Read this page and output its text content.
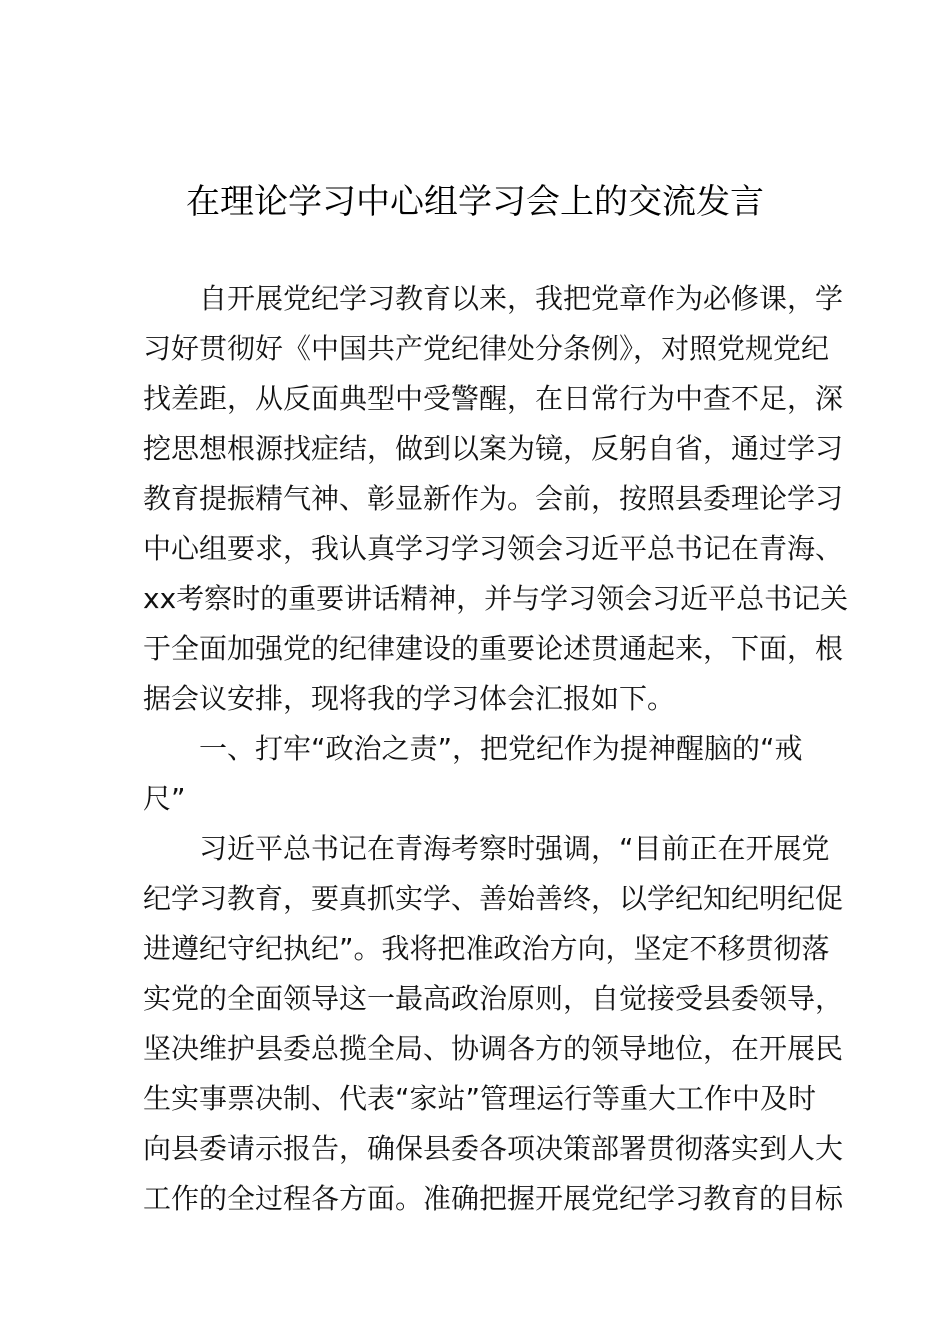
在理论学习中心组学习会上的交流发言
自开展党纪学习教育以来，我把党章作为必修课，学
习好贯彻好《中国共产党纪律处分条例》，对照党规党纪
找差距，从反面典型中受警醒，在日常行为中查不足，深
挖思想根源找症结，做到以案为镜，反躬自省，通过学习
教育提振精气神、彰显新作为。会前，按照县委理论学习
中心组要求，我认真学习学习领会习近平总书记在青海、
xx考察时的重要讲话精神，并与学习领会习近平总书记关
于全面加强党的纪律建设的重要论述贯通起来，下面，根
据会议安排，现将我的学习体会汇报如下。
一、打牢“政治之责”，把党纪作为提神醒脑的“戒
尺”
习近平总书记在青海考察时强调，“目前正在开展党
纪学习教育，要真抓实学、善始善终，以学纪知纪明纪促
进遵纪守纪执纪”。我将把准政治方向，坚定不移贯彻落
实党的全面领导这一最高政治原则，自觉接受县委领导，
坚决维护县委总揽全局、协调各方的领导地位，在开展民
生实事票决制、代表“家站”管理运行等重大工作中及时
向县委请示报告，确保县委各项决策部署贯彻落实到人大
工作的全过程各方面。准确把握开展党纪学习教育的目标
